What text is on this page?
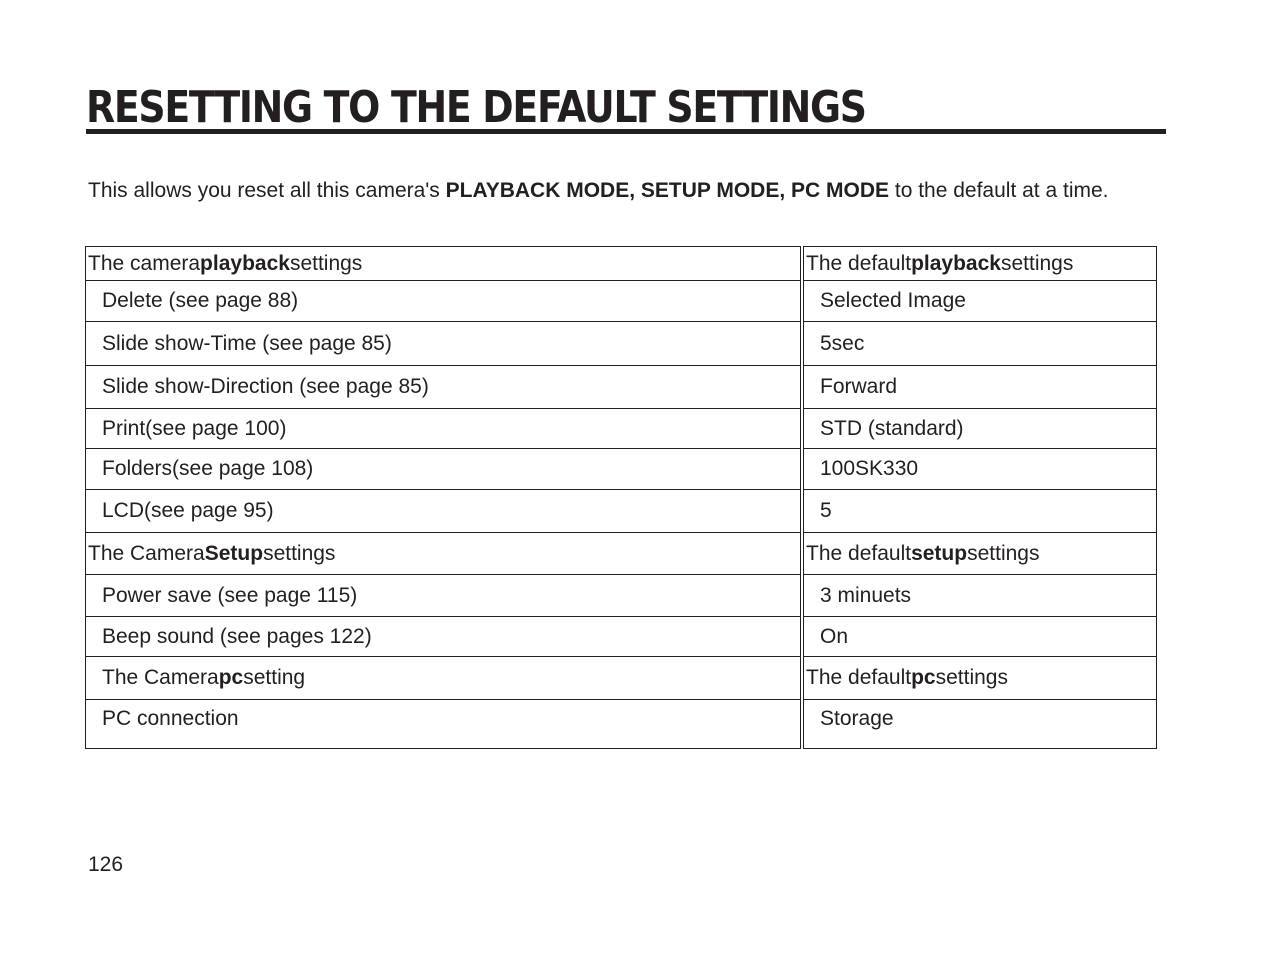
RESETTING TO THE DEFAULT SETTINGS

This allows you reset all this camera's PLAYBACK MODE, SETUP MODE, PC MODE to the default at a time.

The camera playback settings
Delete (see page 88)
Slide show-Time (see page 85)
Slide show-Direction (see page 85)
Print(see page 100)
Folders(see page 108)
LCD(see page 95)
The Camera Setup settings
Power save (see page 115)
Beep sound (see pages 122)
The Camera pc setting
PC connection
The default playback settings
Selected Image
5sec
Forward
STD (standard)
100SK330
5
The default setup settings
3 minuets
On
The default pc settings
Storage
126
